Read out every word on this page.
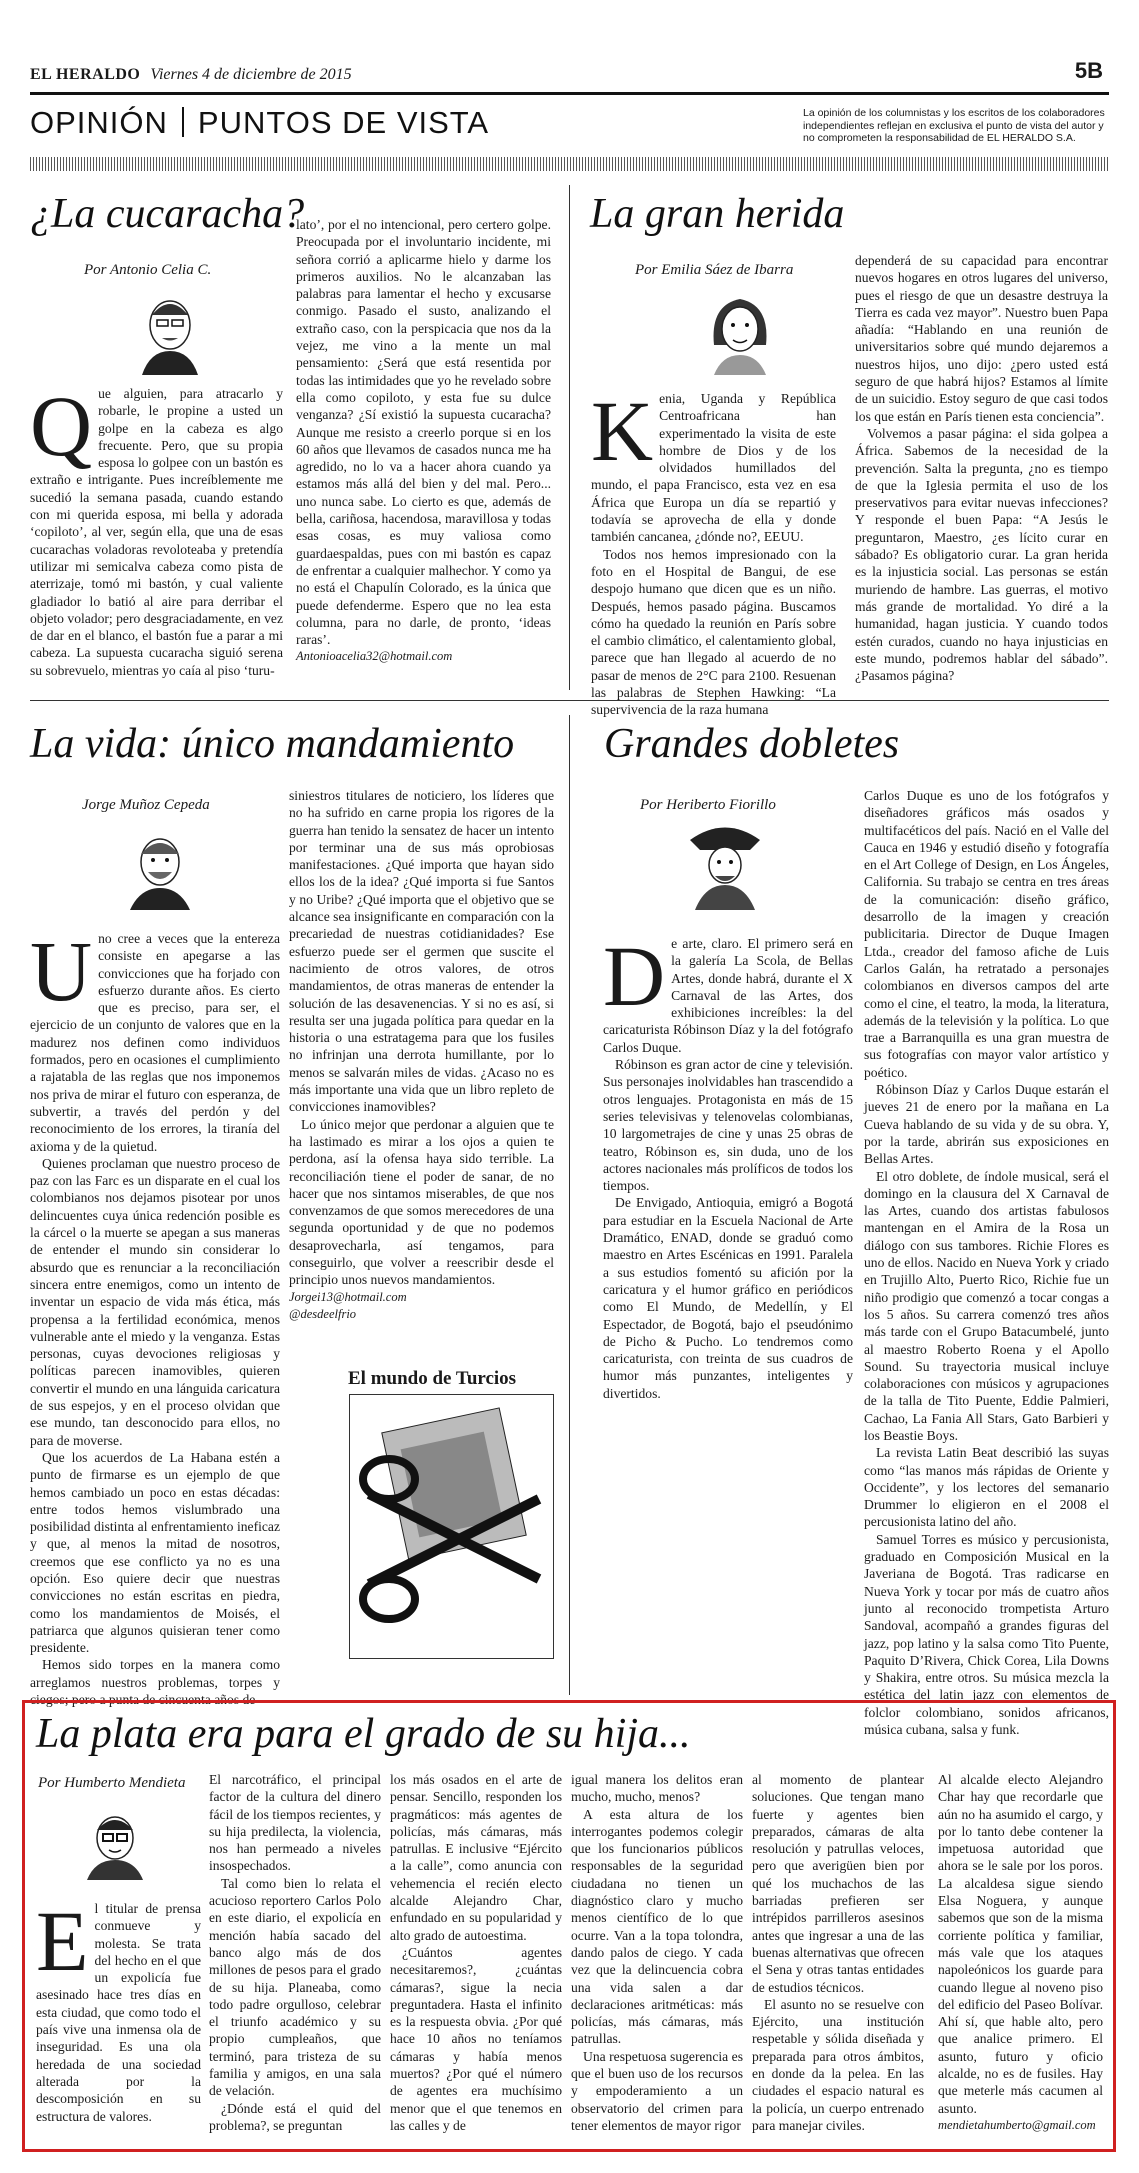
EL HERALDO Viernes 4 de diciembre de 2015	5B
OPINIÓN PUNTOS DE VISTA	La opinión de los columnistas y los escritos de los colaboradores independientes reflejan en exclusiva el punto de vista del autor y no comprometen la responsabilidad de EL HERALDO S.A.
¿La cucaracha?
Por Antonio Celia C.
Q ue alguien, para atracarlo y robarle, le propine a usted un golpe en la cabeza es algo frecuente. Pero, que su propia esposa lo golpee con un bastón es extraño e intrigante. Pues increíblemente me sucedió la semana pasada, cuando estando con mi querida esposa, mi bella y adorada ‘copiloto’, al ver, según ella, que una de esas cucarachas voladoras revoloteaba y pretendía utilizar mi semicalva cabeza como pista de aterrizaje, tomó mi bastón, y cual valiente gladiador lo batió al aire para derribar el objeto volador; pero desgraciadamente, en vez de dar en el blanco, el bastón fue a parar a mi cabeza. La supuesta cucaracha siguió serena su sobrevuelo, mientras yo caía al piso ‘turu-

lato’, por el no intencional, pero certero golpe. Preocupada por el involuntario incidente, mi señora corrió a aplicarme hielo y darme los primeros auxilios. No le alcanzaban las palabras para lamentar el hecho y excusarse conmigo. Pasado el susto, analizando el extraño caso, con la perspicacia que nos da la vejez, me vino a la mente un mal pensamiento: ¿Será que está resentida por todas las intimidades que yo he revelado sobre ella como copiloto, y esta fue su dulce venganza? ¿Sí existió la supuesta cucaracha? Aunque me resisto a creerlo porque si en los 60 años que llevamos de casados nunca me ha agredido, no lo va a hacer ahora cuando ya estamos más allá del bien y del mal. Pero... uno nunca sabe. Lo cierto es que, además de bella, cariñosa, hacendosa, maravillosa y todas esas cosas, es muy valiosa como guardaespaldas, pues con mi bastón es capaz de enfrentar a cualquier malhechor. Y como ya no está el Chapulín Colorado, es la única que puede defenderme. Espero que no lea esta columna, para no darle, de pronto, ‘ideas raras’.

Antonioacelia32@hotmail.com

La gran herida
Por Emilia Sáez de Ibarra
K enia, Uganda y República Centroafricana han experimentado la visita de este hombre de Dios y de los olvidados humillados del mundo, el papa Francisco, esta vez en esa África que Europa un día se repartió y todavía se aprovecha de ella y donde también cancanea, ¿dónde no?, EEUU.

Todos nos hemos impresionado con la foto en el Hospital de Bangui, de ese despojo humano que dicen que es un niño. Después, hemos pasado página. Buscamos cómo ha quedado la reunión en París sobre el cambio climático, el calentamiento global, parece que han llegado al acuerdo de no pasar de menos de 2°C para 2100. Resuenan las palabras de Stephen Hawking: “La supervivencia de la raza humana

dependerá de su capacidad para encontrar nuevos hogares en otros lugares del universo, pues el riesgo de que un desastre destruya la Tierra es cada vez mayor”. Nuestro buen Papa añadía: “Hablando en una reunión de universitarios sobre qué mundo dejaremos a nuestros hijos, uno dijo: ¿pero usted está seguro de que habrá hijos? Estamos al límite de un suicidio. Estoy seguro de que casi todos los que están en París tienen esta conciencia”.

Volvemos a pasar página: el sida golpea a África. Sabemos de la necesidad de la prevención. Salta la pregunta, ¿no es tiempo de que la Iglesia permita el uso de los preservativos para evitar nuevas infecciones? Y responde el buen Papa: “A Jesús le preguntaron, Maestro, ¿es lícito curar en sábado? Es obligatorio curar. La gran herida es la injusticia social. Las personas se están muriendo de hambre. Las guerras, el motivo más grande de mortalidad. Yo diré a la humanidad, hagan justicia. Y cuando todos estén curados, cuando no haya injusticias en este mundo, podremos hablar del sábado”. ¿Pasamos página?

La vida: único mandamiento
Jorge Muñoz Cepeda
U no cree a veces que la entereza consiste en apegarse a las convicciones que ha forjado con esfuerzo durante años. Es cierto que es preciso, para ser, el ejercicio de un conjunto de valores que en la madurez nos definen como individuos formados, pero en ocasiones el cumplimiento a rajatabla de las reglas que nos imponemos nos priva de mirar el futuro con esperanza, de subvertir, a través del perdón y del reconocimiento de los errores, la tiranía del axioma y de la quietud.

Quienes proclaman que nuestro proceso de paz con las Farc es un disparate en el cual los colombianos nos dejamos pisotear por unos delincuentes cuya única redención posible es la cárcel o la muerte se apegan a sus maneras de entender el mundo sin considerar lo absurdo que es renunciar a la reconciliación sincera entre enemigos, como un intento de inventar un espacio de vida más ética, más propensa a la fertilidad económica, menos vulnerable ante el miedo y la venganza. Estas personas, cuyas devociones religiosas y políticas parecen inamovibles, quieren convertir el mundo en una lánguida caricatura de sus espejos, y en el proceso olvidan que ese mundo, tan desconocido para ellos, no para de moverse.

Que los acuerdos de La Habana estén a punto de firmarse es un ejemplo de que hemos cambiado un poco en estas décadas: entre todos hemos vislumbrado una posibilidad distinta al enfrentamiento ineficaz y que, al menos la mitad de nosotros, creemos que ese conflicto ya no es una opción. Eso quiere decir que nuestras convicciones no están escritas en piedra, como los mandamientos de Moisés, el patriarca que algunos quisieran tener como presidente.

Hemos sido torpes en la manera como arreglamos nuestros problemas, torpes y ciegos; pero a punta de cincuenta años de

siniestros titulares de noticiero, los líderes que no ha sufrido en carne propia los rigores de la guerra han tenido la sensatez de hacer un intento por terminar una de sus más oprobiosas manifestaciones. ¿Qué importa que hayan sido ellos los de la idea? ¿Qué importa si fue Santos y no Uribe? ¿Qué importa que el objetivo que se alcance sea insignificante en comparación con la precariedad de nuestras cotidianidades? Ese esfuerzo puede ser el germen que suscite el nacimiento de otros valores, de otros mandamientos, de otras maneras de entender la solución de las desavenencias. Y si no es así, si resulta ser una jugada política para quedar en la historia o una estratagema para que los fusiles no infrinjan una derrota humillante, por lo menos se salvarán miles de vidas. ¿Acaso no es más importante una vida que un libro repleto de convicciones inamovibles?

Lo único mejor que perdonar a alguien que te ha lastimado es mirar a los ojos a quien te perdona, así la ofensa haya sido terrible. La reconciliación tiene el poder de sanar, de no hacer que nos sintamos miserables, de que nos convenzamos de que somos merecedores de una segunda oportunidad y de que no podemos desaprovecharla, así tengamos, para conseguirlo, que volver a reescribir desde el principio unos nuevos mandamientos.

Jorgei13@hotmail.com

@desdeelfrio

El mundo de Turcios
Grandes dobletes
Por Heriberto Fiorillo
D e arte, claro. El primero será en la galería La Scola, de Bellas Artes, donde habrá, durante el X Carnaval de las Artes, dos exhibiciones increíbles: la del caricaturista Róbinson Díaz y la del fotógrafo Carlos Duque.

Róbinson es gran actor de cine y televisión. Sus personajes inolvidables han trascendido a otros lenguajes. Protagonista en más de 15 series televisivas y telenovelas colombianas, 10 largometrajes de cine y unas 25 obras de teatro, Róbinson es, sin duda, uno de los actores nacionales más prolíficos de todos los tiempos.

De Envigado, Antioquia, emigró a Bogotá para estudiar en la Escuela Nacional de Arte Dramático, ENAD, donde se graduó como maestro en Artes Escénicas en 1991. Paralela a sus estudios fomentó su afición por la caricatura y el humor gráfico en periódicos como El Mundo, de Medellín, y El Espectador, de Bogotá, bajo el pseudónimo de Picho & Pucho. Lo tendremos como caricaturista, con treinta de sus cuadros de humor más punzantes, inteligentes y divertidos.

Carlos Duque es uno de los fotógrafos y diseñadores gráficos más osados y multifacéticos del país. Nació en el Valle del Cauca en 1946 y estudió diseño y fotografía en el Art College of Design, en Los Ángeles, California. Su trabajo se centra en tres áreas de la comunicación: diseño gráfico, desarrollo de la imagen y creación publicitaria. Director de Duque Imagen Ltda., creador del famoso afiche de Luis Carlos Galán, ha retratado a personajes colombianos en diversos campos del arte como el cine, el teatro, la moda, la literatura, además de la televisión y la política. Lo que trae a Barranquilla es una gran muestra de sus fotografías con mayor valor artístico y poético.

Róbinson Díaz y Carlos Duque estarán el jueves 21 de enero por la mañana en La Cueva hablando de su vida y de su obra. Y, por la tarde, abrirán sus exposiciones en Bellas Artes.

El otro doblete, de índole musical, será el domingo en la clausura del X Carnaval de las Artes, cuando dos artistas fabulosos mantengan en el Amira de la Rosa un diálogo con sus tambores. Richie Flores es uno de ellos. Nacido en Nueva York y criado en Trujillo Alto, Puerto Rico, Richie fue un niño prodigio que comenzó a tocar congas a los 5 años. Su carrera comenzó tres años más tarde con el Grupo Batacumbelé, junto al maestro Roberto Roena y el Apollo Sound. Su trayectoria musical incluye colaboraciones con músicos y agrupaciones de la talla de Tito Puente, Eddie Palmieri, Cachao, La Fania All Stars, Gato Barbieri y los Beastie Boys.

La revista Latin Beat describió las suyas como “las manos más rápidas de Oriente y Occidente”, y los lectores del semanario Drummer lo eligieron en el 2008 el percusionista latino del año.

Samuel Torres es músico y percusionista, graduado en Composición Musical en la Javeriana de Bogotá. Tras radicarse en Nueva York y tocar por más de cuatro años junto al reconocido trompetista Arturo Sandoval, acompañó a grandes figuras del jazz, pop latino y la salsa como Tito Puente, Paquito D’Rivera, Chick Corea, Lila Downs y Shakira, entre otros. Su música mezcla la estética del latin jazz con elementos de folclor colombiano, sonidos africanos, música cubana, salsa y funk.

La plata era para el grado de su hija...
Por Humberto Mendieta
E l titular de prensa conmueve y molesta. Se trata del hecho en el que un expolicía fue asesinado hace tres días en esta ciudad, que como todo el país vive una inmensa ola de inseguridad. Es una ola heredada de una sociedad alterada por la descomposición en su estructura de valores.

El narcotráfico, el principal factor de la cultura del dinero fácil de los tiempos recientes, y su hija predilecta, la violencia, nos han permeado a niveles insospechados.

Tal como bien lo relata el acucioso reportero Carlos Polo en este diario, el expolicía en mención había sacado del banco algo más de dos millones de pesos para el grado de su hija. Planeaba, como todo padre orgulloso, celebrar el triunfo académico y su propio cumpleaños, que terminó, para tristeza de su familia y amigos, en una sala de velación.

¿Dónde está el quid del problema?, se preguntan

los más osados en el arte de pensar. Sencillo, responden los pragmáticos: más agentes de policías, más cámaras, más patrullas. E inclusive “Ejército a la calle”, como anuncia con vehemencia el recién electo alcalde Alejandro Char, enfundado en su popularidad y alto grado de autoestima.

¿Cuántos agentes necesitaremos?, ¿cuántas cámaras?, sigue la necia preguntadera. Hasta el infinito es la respuesta obvia. ¿Por qué hace 10 años no teníamos cámaras y había menos muertos? ¿Por qué el número de agentes era muchísimo menor que el que tenemos en las calles y de

igual manera los delitos eran mucho, mucho, menos?

A esta altura de los interrogantes podemos colegir que los funcionarios públicos responsables de la seguridad ciudadana no tienen un diagnóstico claro y mucho menos científico de lo que ocurre. Van a la topa tolondra, dando palos de ciego. Y cada vez que la delincuencia cobra una vida salen a dar declaraciones aritméticas: más policías, más cámaras, más patrullas.

Una respetuosa sugerencia es que el buen uso de los recursos y empoderamiento a un observatorio del crimen para tener elementos de mayor rigor

al momento de plantear soluciones. Que tengan mano fuerte y agentes bien preparados, cámaras de alta resolución y patrullas veloces, pero que averigüen bien por qué los muchachos de las barriadas prefieren ser intrépidos parrilleros asesinos antes que ingresar a una de las buenas alternativas que ofrecen el Sena y otras tantas entidades de estudios técnicos.

El asunto no se resuelve con Ejército, una institución respetable y sólida diseñada y preparada para otros ámbitos, en donde da la pelea. En las ciudades el espacio natural es la policía, un cuerpo entrenado para manejar civiles.

Al alcalde electo Alejandro Char hay que recordarle que aún no ha asumido el cargo, y por lo tanto debe contener la impetuosa autoridad que ahora se le sale por los poros. La alcaldesa sigue siendo Elsa Noguera, y aunque sabemos que son de la misma corriente política y familiar, más vale que los ataques napoleónicos los guarde para cuando llegue al noveno piso del edificio del Paseo Bolívar. Ahí sí, que hable alto, pero que analice primero. El asunto, futuro y oficio alcalde, no es de fusiles. Hay que meterle más cacumen al asunto.

mendietahumberto@gmail.com
